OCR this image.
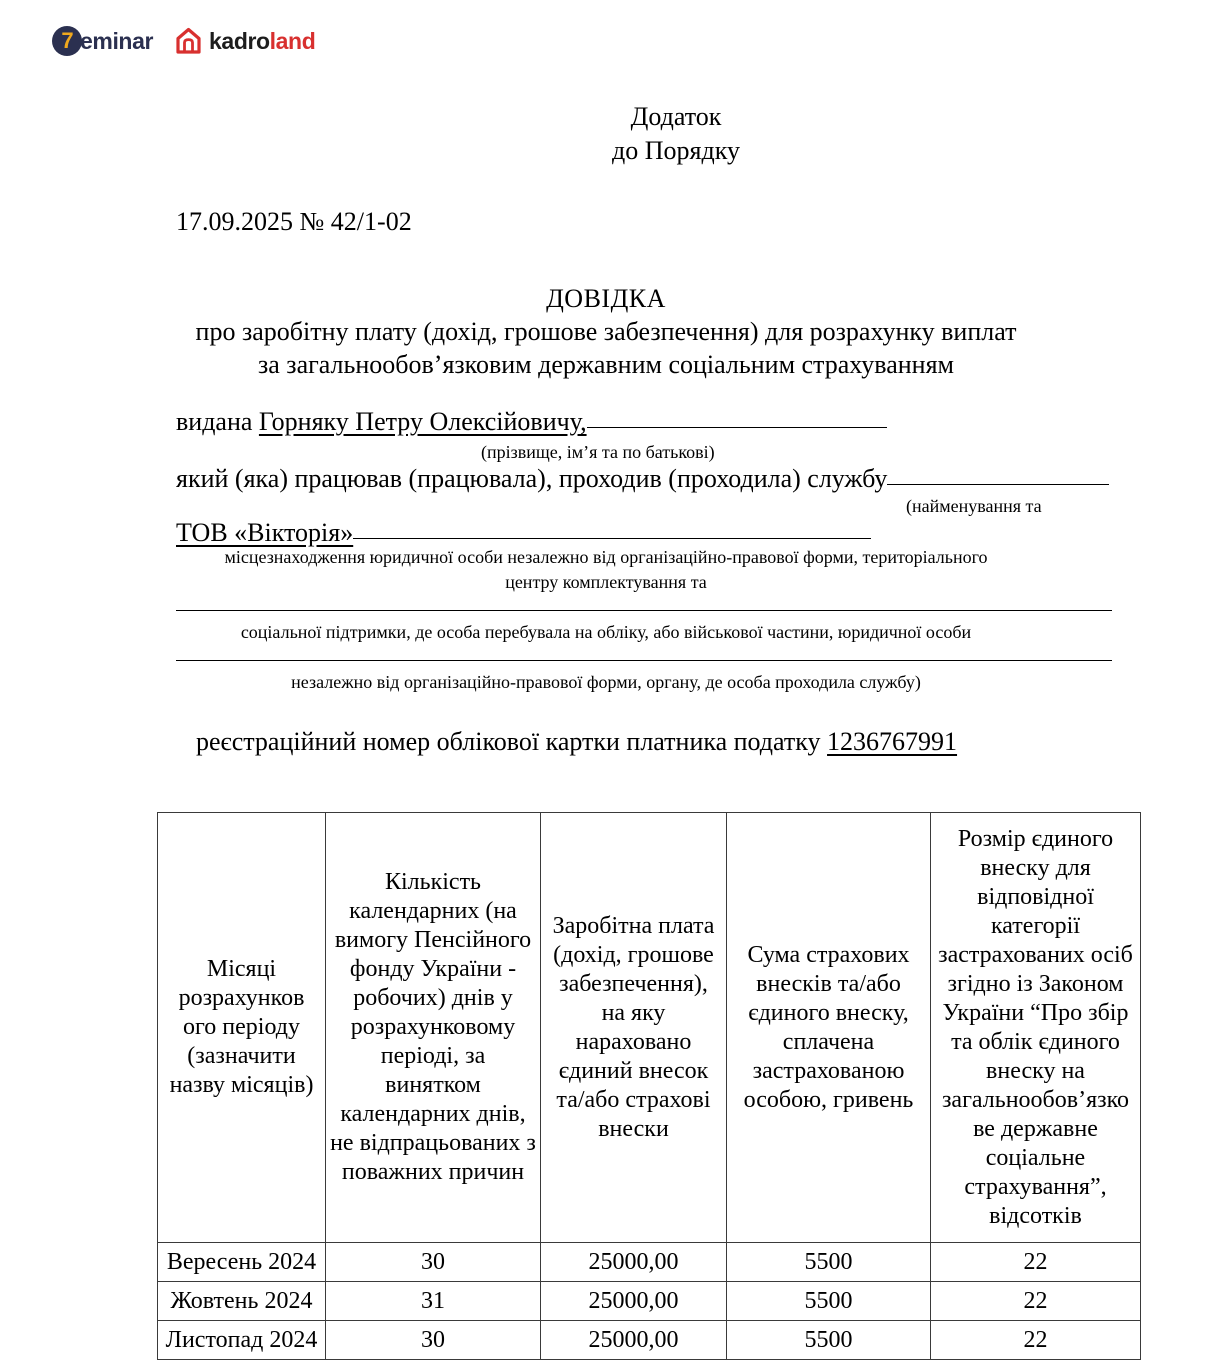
7 eminar kadroland
Додаток
до Порядку
17.09.2025 № 42/1-02
ДОВІДКА
про заробітну плату (дохід, грошове забезпечення) для розрахунку виплат
за загальнообов’язковим державним соціальним страхуванням
видана Горняку Петру Олексійовичу,
(прізвище, ім’я та по батькові)
який (яка) працював (працювала), проходив (проходила) службу
(найменування та
ТОВ «Вікторія»
місцезнаходження юридичної особи незалежно від організаційно-правової форми, територіального
центру комплектування та
соціальної підтримки, де особа перебувала на обліку, або військової частини, юридичної особи
незалежно від організаційно-правової форми, органу, де особа проходила службу)
реєстраційний номер облікової картки платника податку 1236767991
Місяці розрахунков ого періоду (зазначити назву місяців)	Кількість календарних (на вимогу Пенсійного фонду України - робочих) днів у розрахунковому періоді, за винятком календарних днів, не відпрацьованих з поважних причин	Заробітна плата (дохід, грошове забезпечення), на яку нараховано єдиний внесок та/або страхові внески	Сума страхових внесків та/або єдиного внеску, сплачена застрахованою особою, гривень	Розмір єдиного внеску для відповідної категорії застрахованих осіб згідно із Законом України “Про збір та облік єдиного внеску на загальнообов’язко ве державне соціальне страхування”, відсотків
Вересень 2024	30	25000,00	5500	22
Жовтень 2024	31	25000,00	5500	22
Листопад 2024	30	25000,00	5500	22
